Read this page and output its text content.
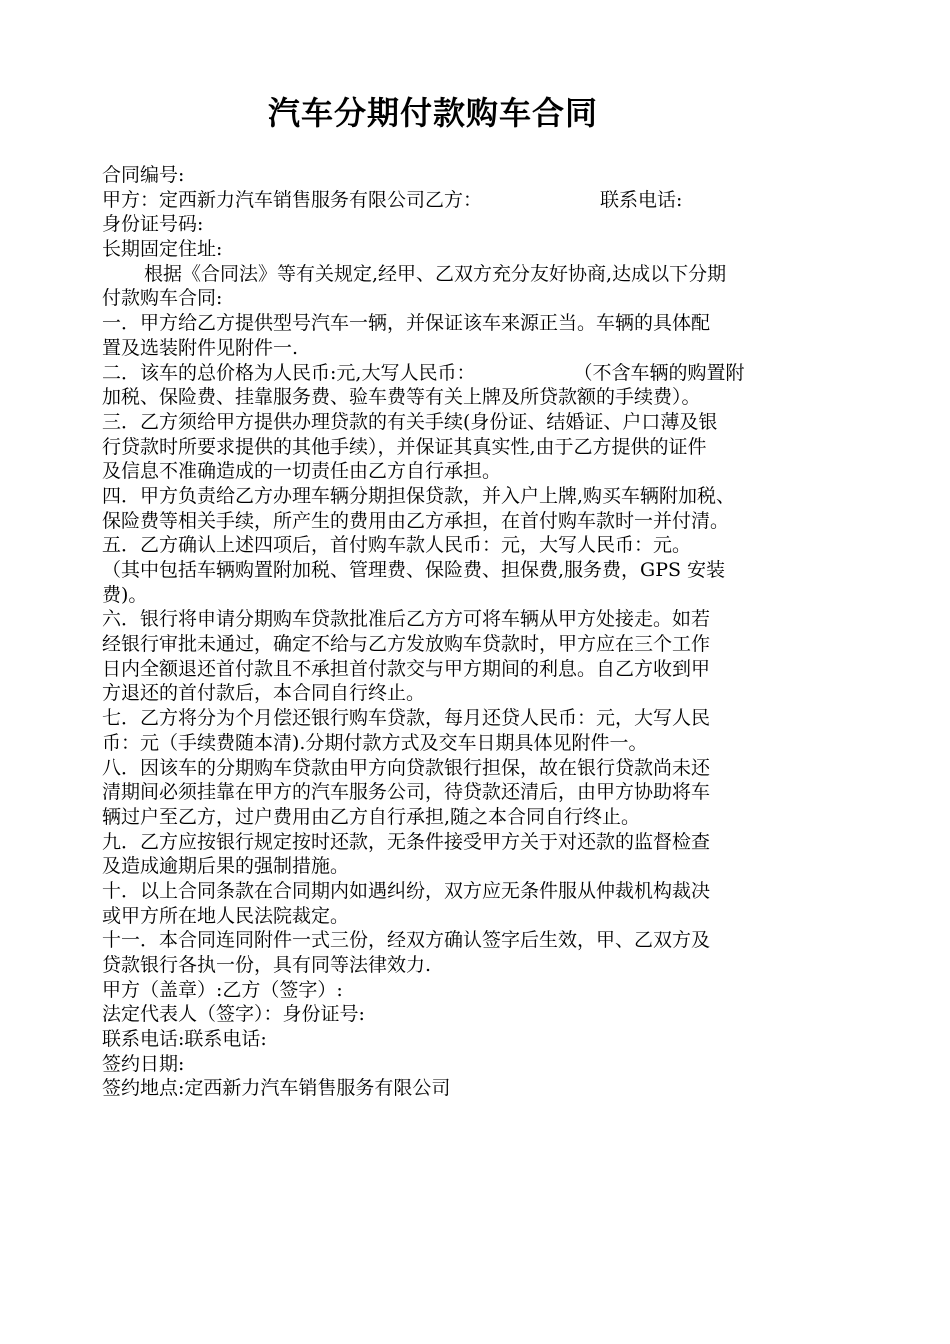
汽车分期付款购车合同
合同编号:
甲方：定西新力汽车销售服务有限公司乙方：	联系电话:
身份证号码:
长期固定住址:
根据《合同法》等有关规定,经甲、乙双方充分友好协商,达成以下分期
付款购车合同:
一．甲方给乙方提供型号汽车一辆，并保证该车来源正当。车辆的具体配
置及选装附件见附件一.
二．该车的总价格为人民币:元,大写人民币：	（不含车辆的购置附
加税、保险费、挂靠服务费、验车费等有关上牌及所贷款额的手续费）。
三．乙方须给甲方提供办理贷款的有关手续(身份证、结婚证、户口薄及银
行贷款时所要求提供的其他手续），并保证其真实性,由于乙方提供的证件
及信息不准确造成的一切责任由乙方自行承担。
四．甲方负责给乙方办理车辆分期担保贷款，并入户上牌,购买车辆附加税、
保险费等相关手续，所产生的费用由乙方承担，在首付购车款时一并付清。
五．乙方确认上述四项后，首付购车款人民币：元，大写人民币：元。
（其中包括车辆购置附加税、管理费、保险费、担保费,服务费，GPS 安装
费)。
六．银行将申请分期购车贷款批准后乙方方可将车辆从甲方处接走。如若
经银行审批未通过，确定不给与乙方发放购车贷款时，甲方应在三个工作
日内全额退还首付款且不承担首付款交与甲方期间的利息。自乙方收到甲
方退还的首付款后，本合同自行终止。
七．乙方将分为个月偿还银行购车贷款，每月还贷人民币：元，大写人民
币：元（手续费随本清).分期付款方式及交车日期具体见附件一。
八．因该车的分期购车贷款由甲方向贷款银行担保，故在银行贷款尚未还
清期间必须挂靠在甲方的汽车服务公司，待贷款还清后，由甲方协助将车
辆过户至乙方，过户费用由乙方自行承担,随之本合同自行终止。
九．乙方应按银行规定按时还款，无条件接受甲方关于对还款的监督检查
及造成逾期后果的强制措施。
十．以上合同条款在合同期内如遇纠纷，双方应无条件服从仲裁机构裁决
或甲方所在地人民法院裁定。
十一．本合同连同附件一式三份，经双方确认签字后生效，甲、乙双方及
贷款银行各执一份，具有同等法律效力.
甲方（盖章）:乙方（签字）:
法定代表人（签字）：身份证号:
联系电话:联系电话:
签约日期:
签约地点:定西新力汽车销售服务有限公司
